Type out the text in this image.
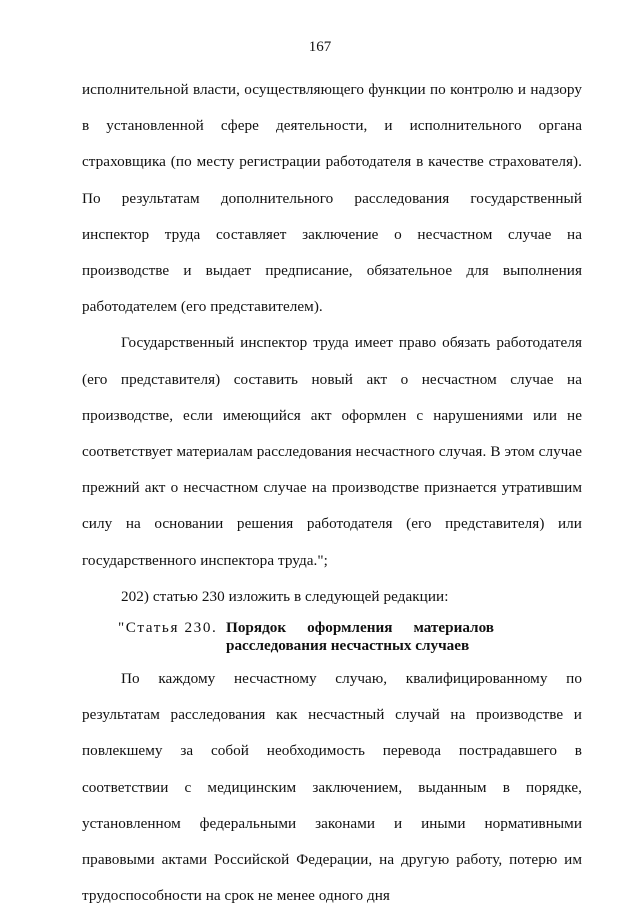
167

исполнительной власти, осуществляющего функции по контролю и надзору в установленной сфере деятельности, и исполнительного органа страховщика (по месту регистрации работодателя в качестве страхователя). По результатам дополнительного расследования государственный инспектор труда составляет заключение о несчастном случае на производстве и выдает предписание, обязательное для выполнения работодателем (его представителем).

Государственный инспектор труда имеет право обязать работодателя (его представителя) составить новый акт о несчастном случае на производстве, если имеющийся акт оформлен с нарушениями или не соответствует материалам расследования несчастного случая. В этом случае прежний акт о несчастном случае на производстве признается утратившим силу на основании решения работодателя (его представителя) или государственного инспектора труда.";

202) статью 230 изложить в следующей редакции:

"Статья 230. Порядок оформления материалов расследования несчастных случаев

По каждому несчастному случаю, квалифицированному по результатам расследования как несчастный случай на производстве и повлекшему за собой необходимость перевода пострадавшего в соответствии с медицинским заключением, выданным в порядке, установленном федеральными законами и иными нормативными правовыми актами Российской Федерации, на другую работу, потерю им трудоспособности на срок не менее одного дня
